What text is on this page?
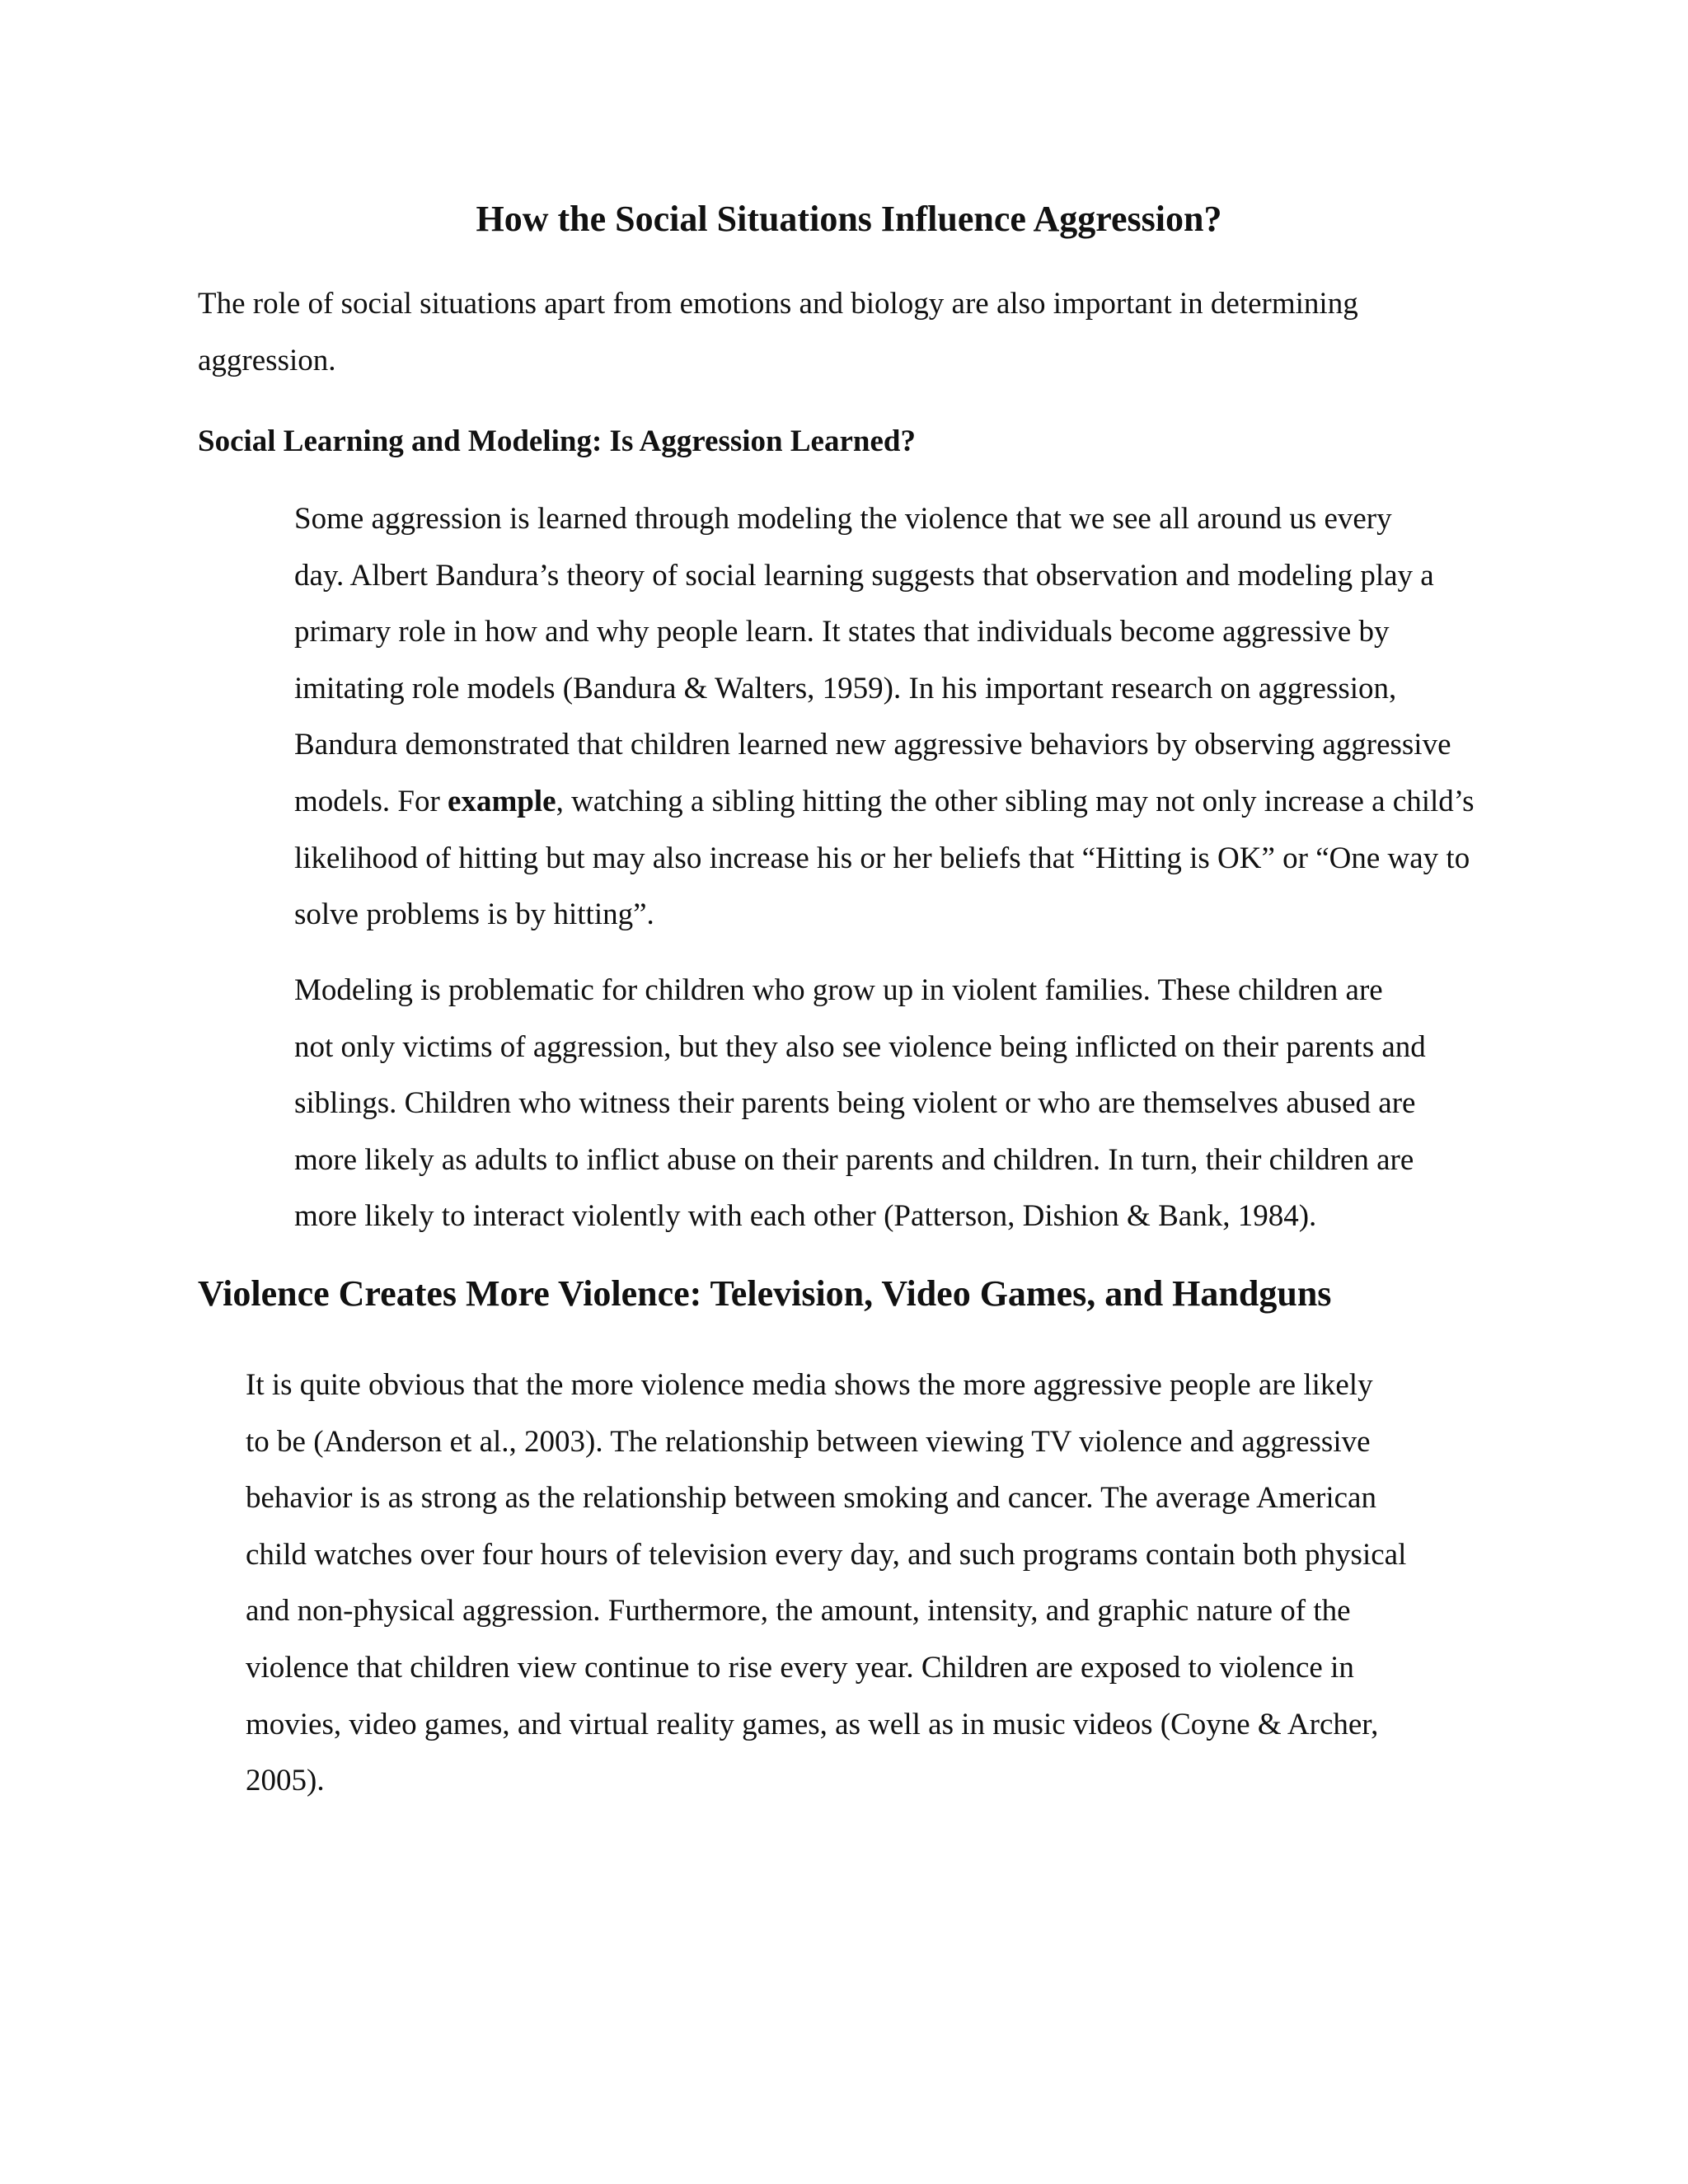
How the Social Situations Influence Aggression?

The role of social situations apart from emotions and biology are also important in determining
aggression.

Social Learning and Modeling: Is Aggression Learned?

Some aggression is learned through modeling the violence that we see all around us every
day. Albert Bandura’s theory of social learning suggests that observation and modeling play a
primary role in how and why people learn. It states that individuals become aggressive by
imitating role models (Bandura & Walters, 1959). In his important research on aggression,
Bandura demonstrated that children learned new aggressive behaviors by observing aggressive
models. For example, watching a sibling hitting the other sibling may not only increase a child’s
likelihood of hitting but may also increase his or her beliefs that “Hitting is OK” or “One way to
solve problems is by hitting”.

Modeling is problematic for children who grow up in violent families. These children are
not only victims of aggression, but they also see violence being inflicted on their parents and
siblings. Children who witness their parents being violent or who are themselves abused are
more likely as adults to inflict abuse on their parents and children. In turn, their children are
more likely to interact violently with each other (Patterson, Dishion & Bank, 1984).

Violence Creates More Violence: Television, Video Games, and Handguns

It is quite obvious that the more violence media shows the more aggressive people are likely
to be (Anderson et al., 2003). The relationship between viewing TV violence and aggressive
behavior is as strong as the relationship between smoking and cancer. The average American
child watches over four hours of television every day, and such programs contain both physical
and non-physical aggression. Furthermore, the amount, intensity, and graphic nature of the
violence that children view continue to rise every year. Children are exposed to violence in
movies, video games, and virtual reality games, as well as in music videos (Coyne & Archer,
2005).
